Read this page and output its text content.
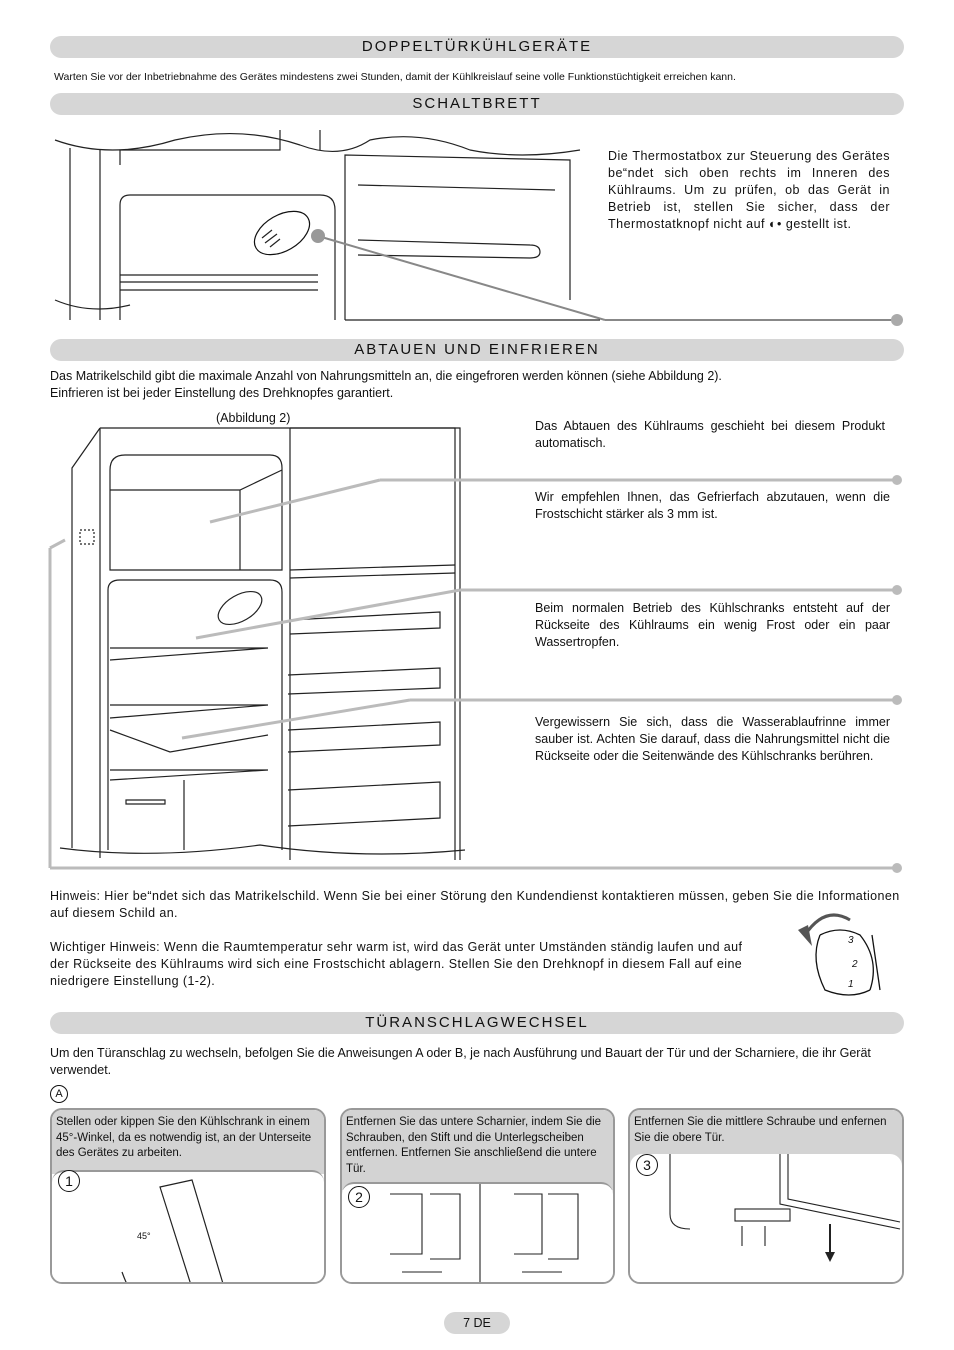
DOPPELTÜRKÜHLGERÄTE
Warten Sie vor der Inbetriebnahme des Gerätes mindestens zwei Stunden, damit der Kühlkreislauf seine volle Funktionstüchtigkeit erreichen kann.
SCHALTBRETT
Die Thermostatbox zur Steuerung des Gerätes be“ndet sich oben rechts im Inneren des Kühlraums. Um zu prüfen, ob das Gerät in Betrieb ist, stellen Sie sicher, dass der Thermostatknopf nicht auf ◐• gestellt ist.
ABTAUEN UND EINFRIEREN
Das Matrikelschild gibt die maximale Anzahl von Nahrungsmitteln an, die eingefroren werden können (siehe Abbildung 2).
Einfrieren ist bei jeder Einstellung des Drehknopfes garantiert.
(Abbildung 2)
Das Abtauen des Kühlraums geschieht bei diesem Produkt automatisch.
Wir empfehlen Ihnen, das Gefrierfach abzutauen, wenn die Frostschicht stärker als 3 mm ist.
Beim normalen Betrieb des Kühlschranks entsteht auf der Rückseite des Kühlraums ein wenig Frost oder ein paar Wassertropfen.
Vergewissern Sie sich, dass die Wasserablaufrinne immer sauber ist. Achten Sie darauf, dass die Nahrungsmittel nicht die Rückseite oder die Seitenwände des Kühlschranks berühren.
Hinweis: Hier be“ndet sich das Matrikelschild. Wenn Sie bei einer Störung den Kundendienst kontaktieren müssen, geben Sie die Informationen auf diesem Schild an.
Wichtiger Hinweis: Wenn die Raumtemperatur sehr warm ist, wird das Gerät unter Umständen ständig laufen und auf der Rückseite des Kühlraums wird sich eine Frostschicht ablagern. Stellen Sie den Drehknopf in diesem Fall auf eine niedrigere Einstellung (1-2).
3
2
1
TÜRANSCHLAGWECHSEL
Um den Türanschlag zu wechseln, befolgen Sie die Anweisungen A oder B, je nach Ausführung und Bauart der Tür und der Scharniere, die ihr Gerät verwendet.
A
Stellen oder kippen Sie den Kühlschrank in einem 45°-Winkel, da es notwendig ist, an der Unterseite des Gerätes zu arbeiten.
45°
1
Entfernen Sie das untere Scharnier, indem Sie die Schrauben, den Stift und die Unterlegscheiben entfernen. Entfernen Sie anschließend die untere Tür.
2
Entfernen Sie die mittlere Schraube und enfernen Sie die obere Tür.
3
7 DE
